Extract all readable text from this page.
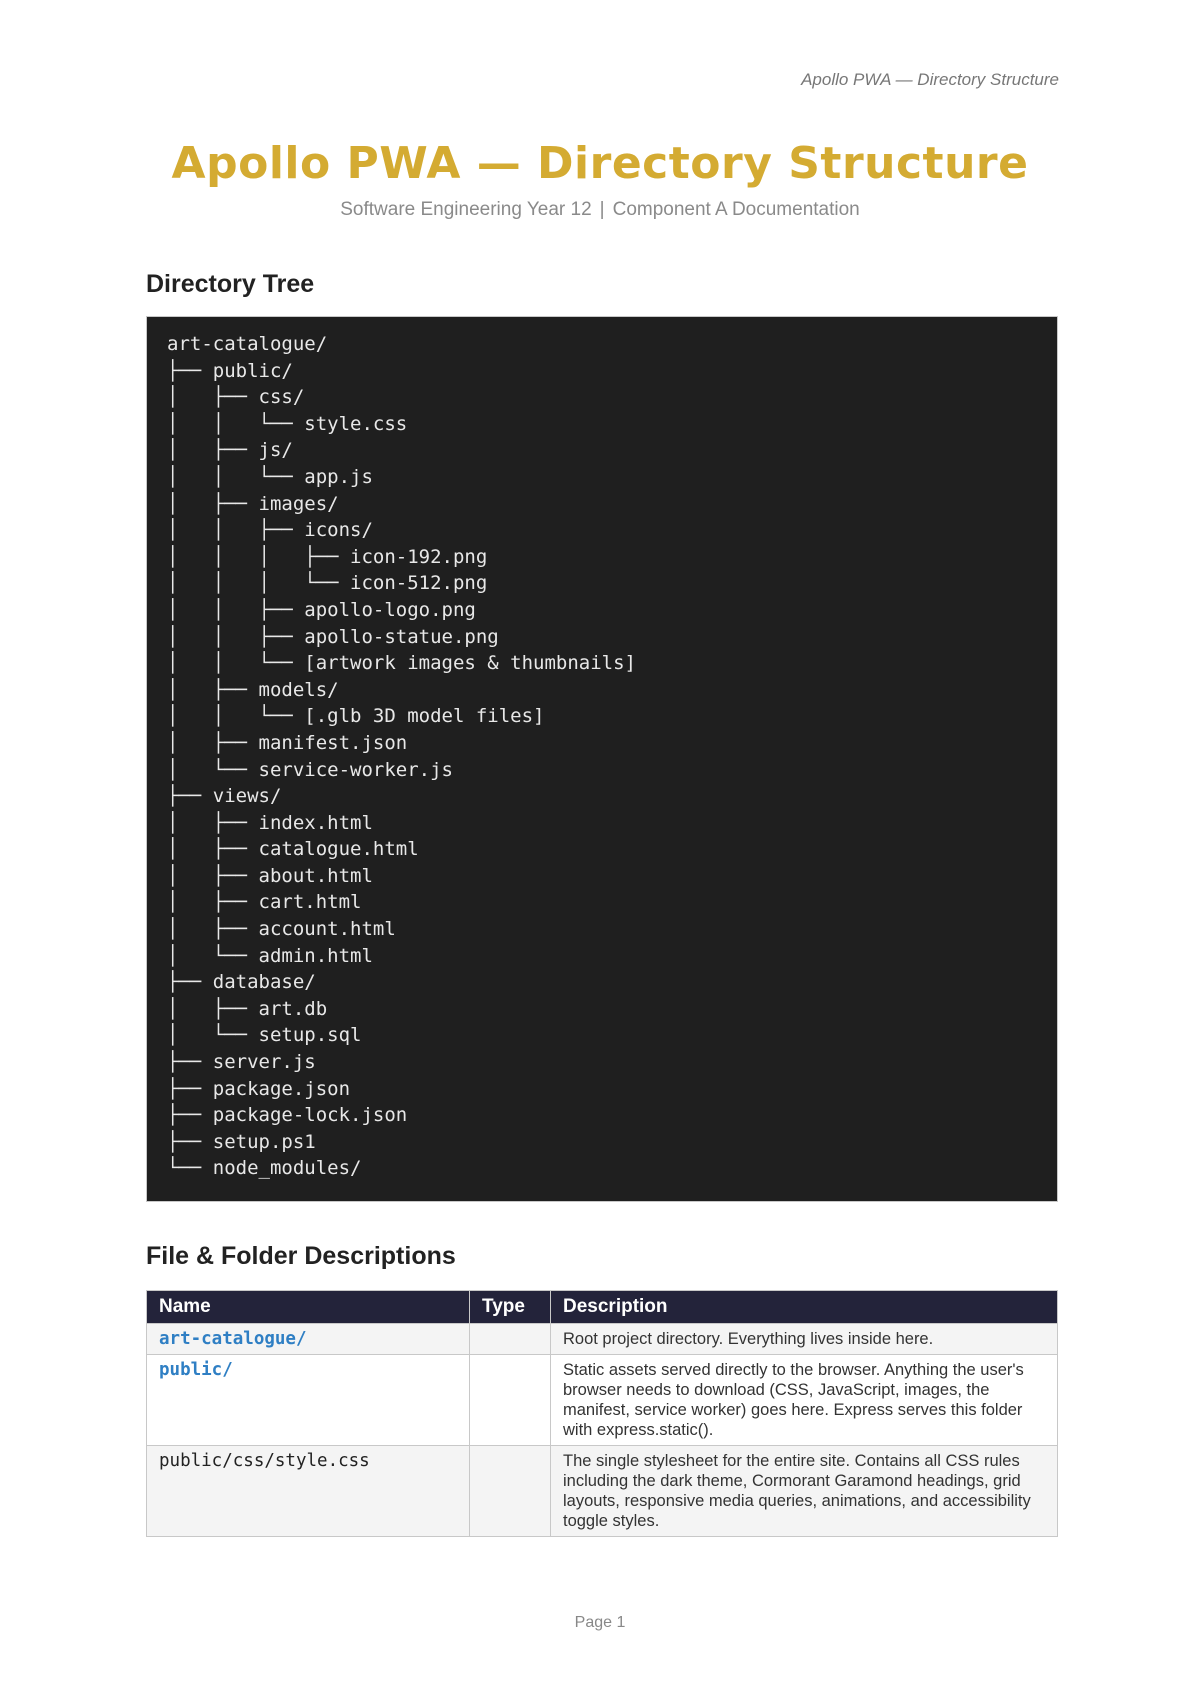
Apollo PWA — Directory Structure
Apollo PWA — Directory Structure
Software Engineering Year 12 | Component A Documentation
Directory Tree
art-catalogue/
├── public/
│   ├── css/
│   │   └── style.css
│   ├── js/
│   │   └── app.js
│   ├── images/
│   │   ├── icons/
│   │   │   ├── icon-192.png
│   │   │   └── icon-512.png
│   │   ├── apollo-logo.png
│   │   ├── apollo-statue.png
│   │   └── [artwork images & thumbnails]
│   ├── models/
│   │   └── [.glb 3D model files]
│   ├── manifest.json
│   └── service-worker.js
├── views/
│   ├── index.html
│   ├── catalogue.html
│   ├── about.html
│   ├── cart.html
│   ├── account.html
│   └── admin.html
├── database/
│   ├── art.db
│   └── setup.sql
├── server.js
├── package.json
├── package-lock.json
├── setup.ps1
└── node_modules/

File & Folder Descriptions
Name	Type	Description
art-catalogue/		Root project directory. Everything lives inside here.
public/		Static assets served directly to the browser. Anything the user's browser needs to download (CSS, JavaScript, images, the manifest, service worker) goes here. Express serves this folder with express.static().
public/css/style.css		The single stylesheet for the entire site. Contains all CSS rules including the dark theme, Cormorant Garamond headings, grid layouts, responsive media queries, animations, and accessibility toggle styles.
Page 1
